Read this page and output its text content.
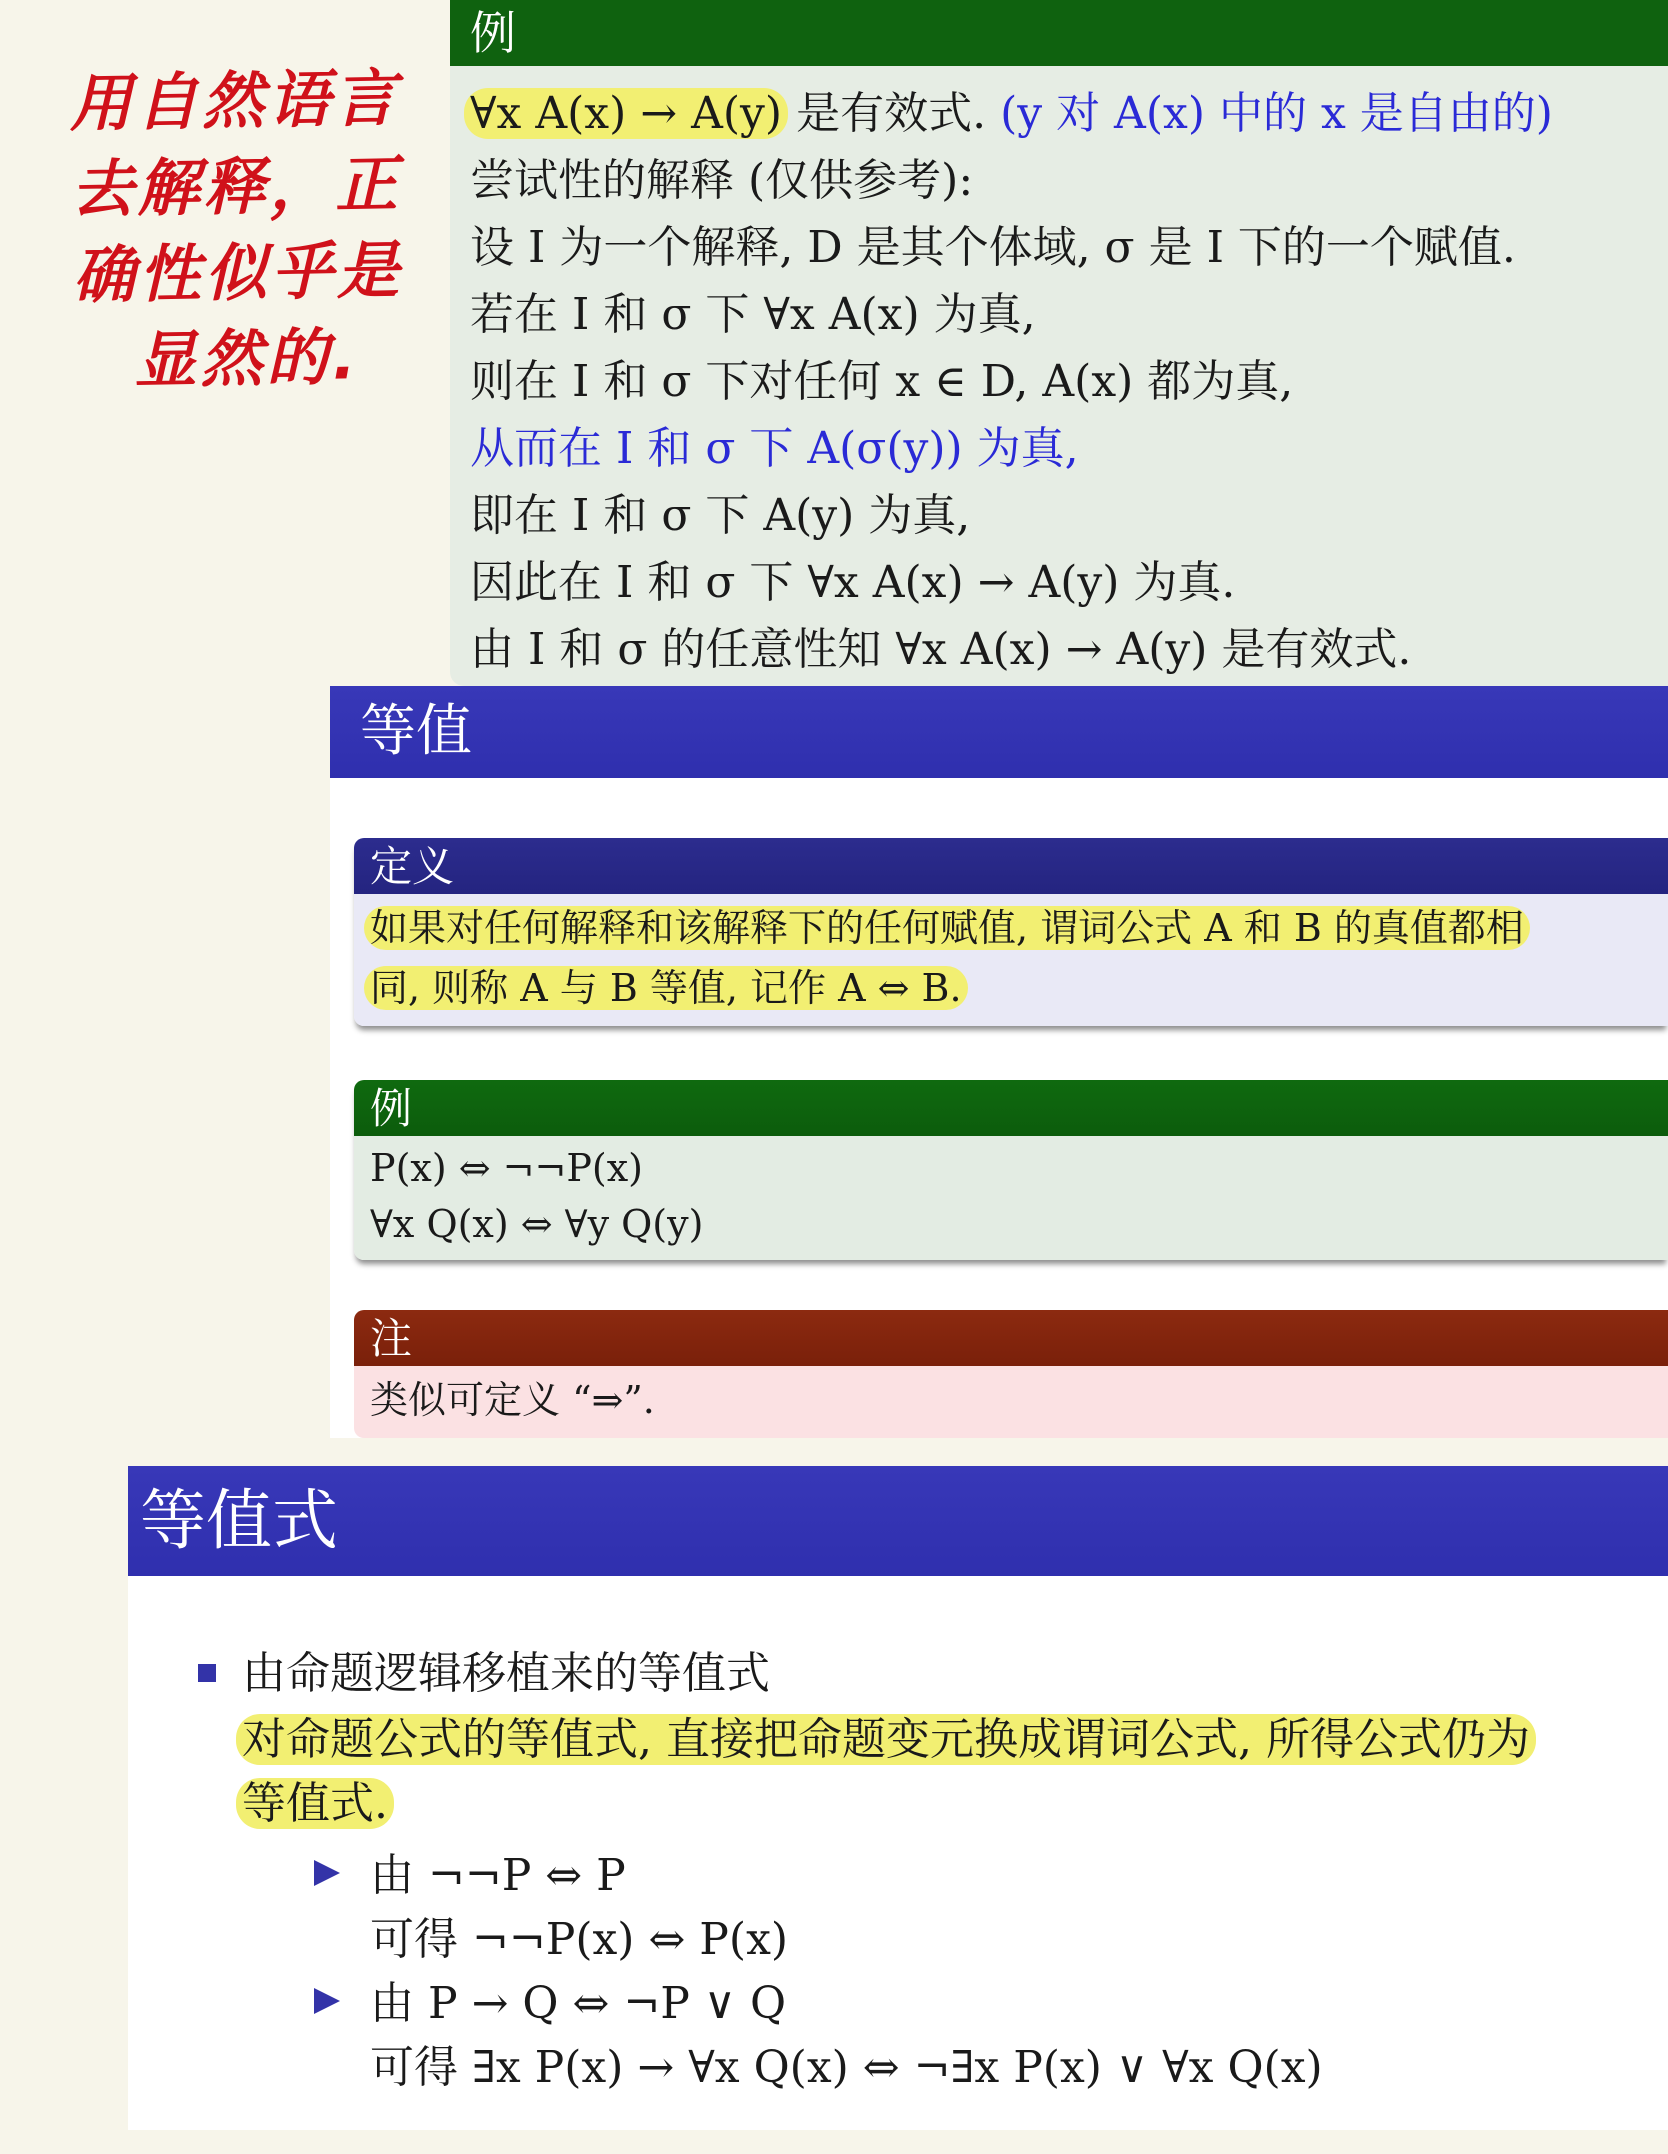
用自然语言
去解释，正
确性似乎是
显然的.
例
∀x A(x) → A(y) 是有效式. (y 对 A(x) 中的 x 是自由的)
尝试性的解释 (仅供参考):
设 I 为一个解释, D 是其个体域, σ 是 I 下的一个赋值.
若在 I 和 σ 下 ∀x A(x) 为真,
则在 I 和 σ 下对任何 x ∈ D, A(x) 都为真,
从而在 I 和 σ 下 A(σ(y)) 为真,
即在 I 和 σ 下 A(y) 为真,
因此在 I 和 σ 下 ∀x A(x) → A(y) 为真.
由 I 和 σ 的任意性知 ∀x A(x) → A(y) 是有效式.
等值
定义
如果对任何解释和该解释下的任何赋值, 谓词公式 A 和 B 的真值都相
同, 则称 A 与 B 等值, 记作 A ⇔ B.
例
P(x) ⇔ ¬¬P(x)
∀x Q(x) ⇔ ∀y Q(y)
注
类似可定义 “⇒”.
等值式
由命题逻辑移植来的等值式
对命题公式的等值式, 直接把命题变元换成谓词公式, 所得公式仍为
等值式.
由 ¬¬P ⇔ P
可得 ¬¬P(x) ⇔ P(x)
由 P → Q ⇔ ¬P ∨ Q
可得 ∃x P(x) → ∀x Q(x) ⇔ ¬∃x P(x) ∨ ∀x Q(x)
